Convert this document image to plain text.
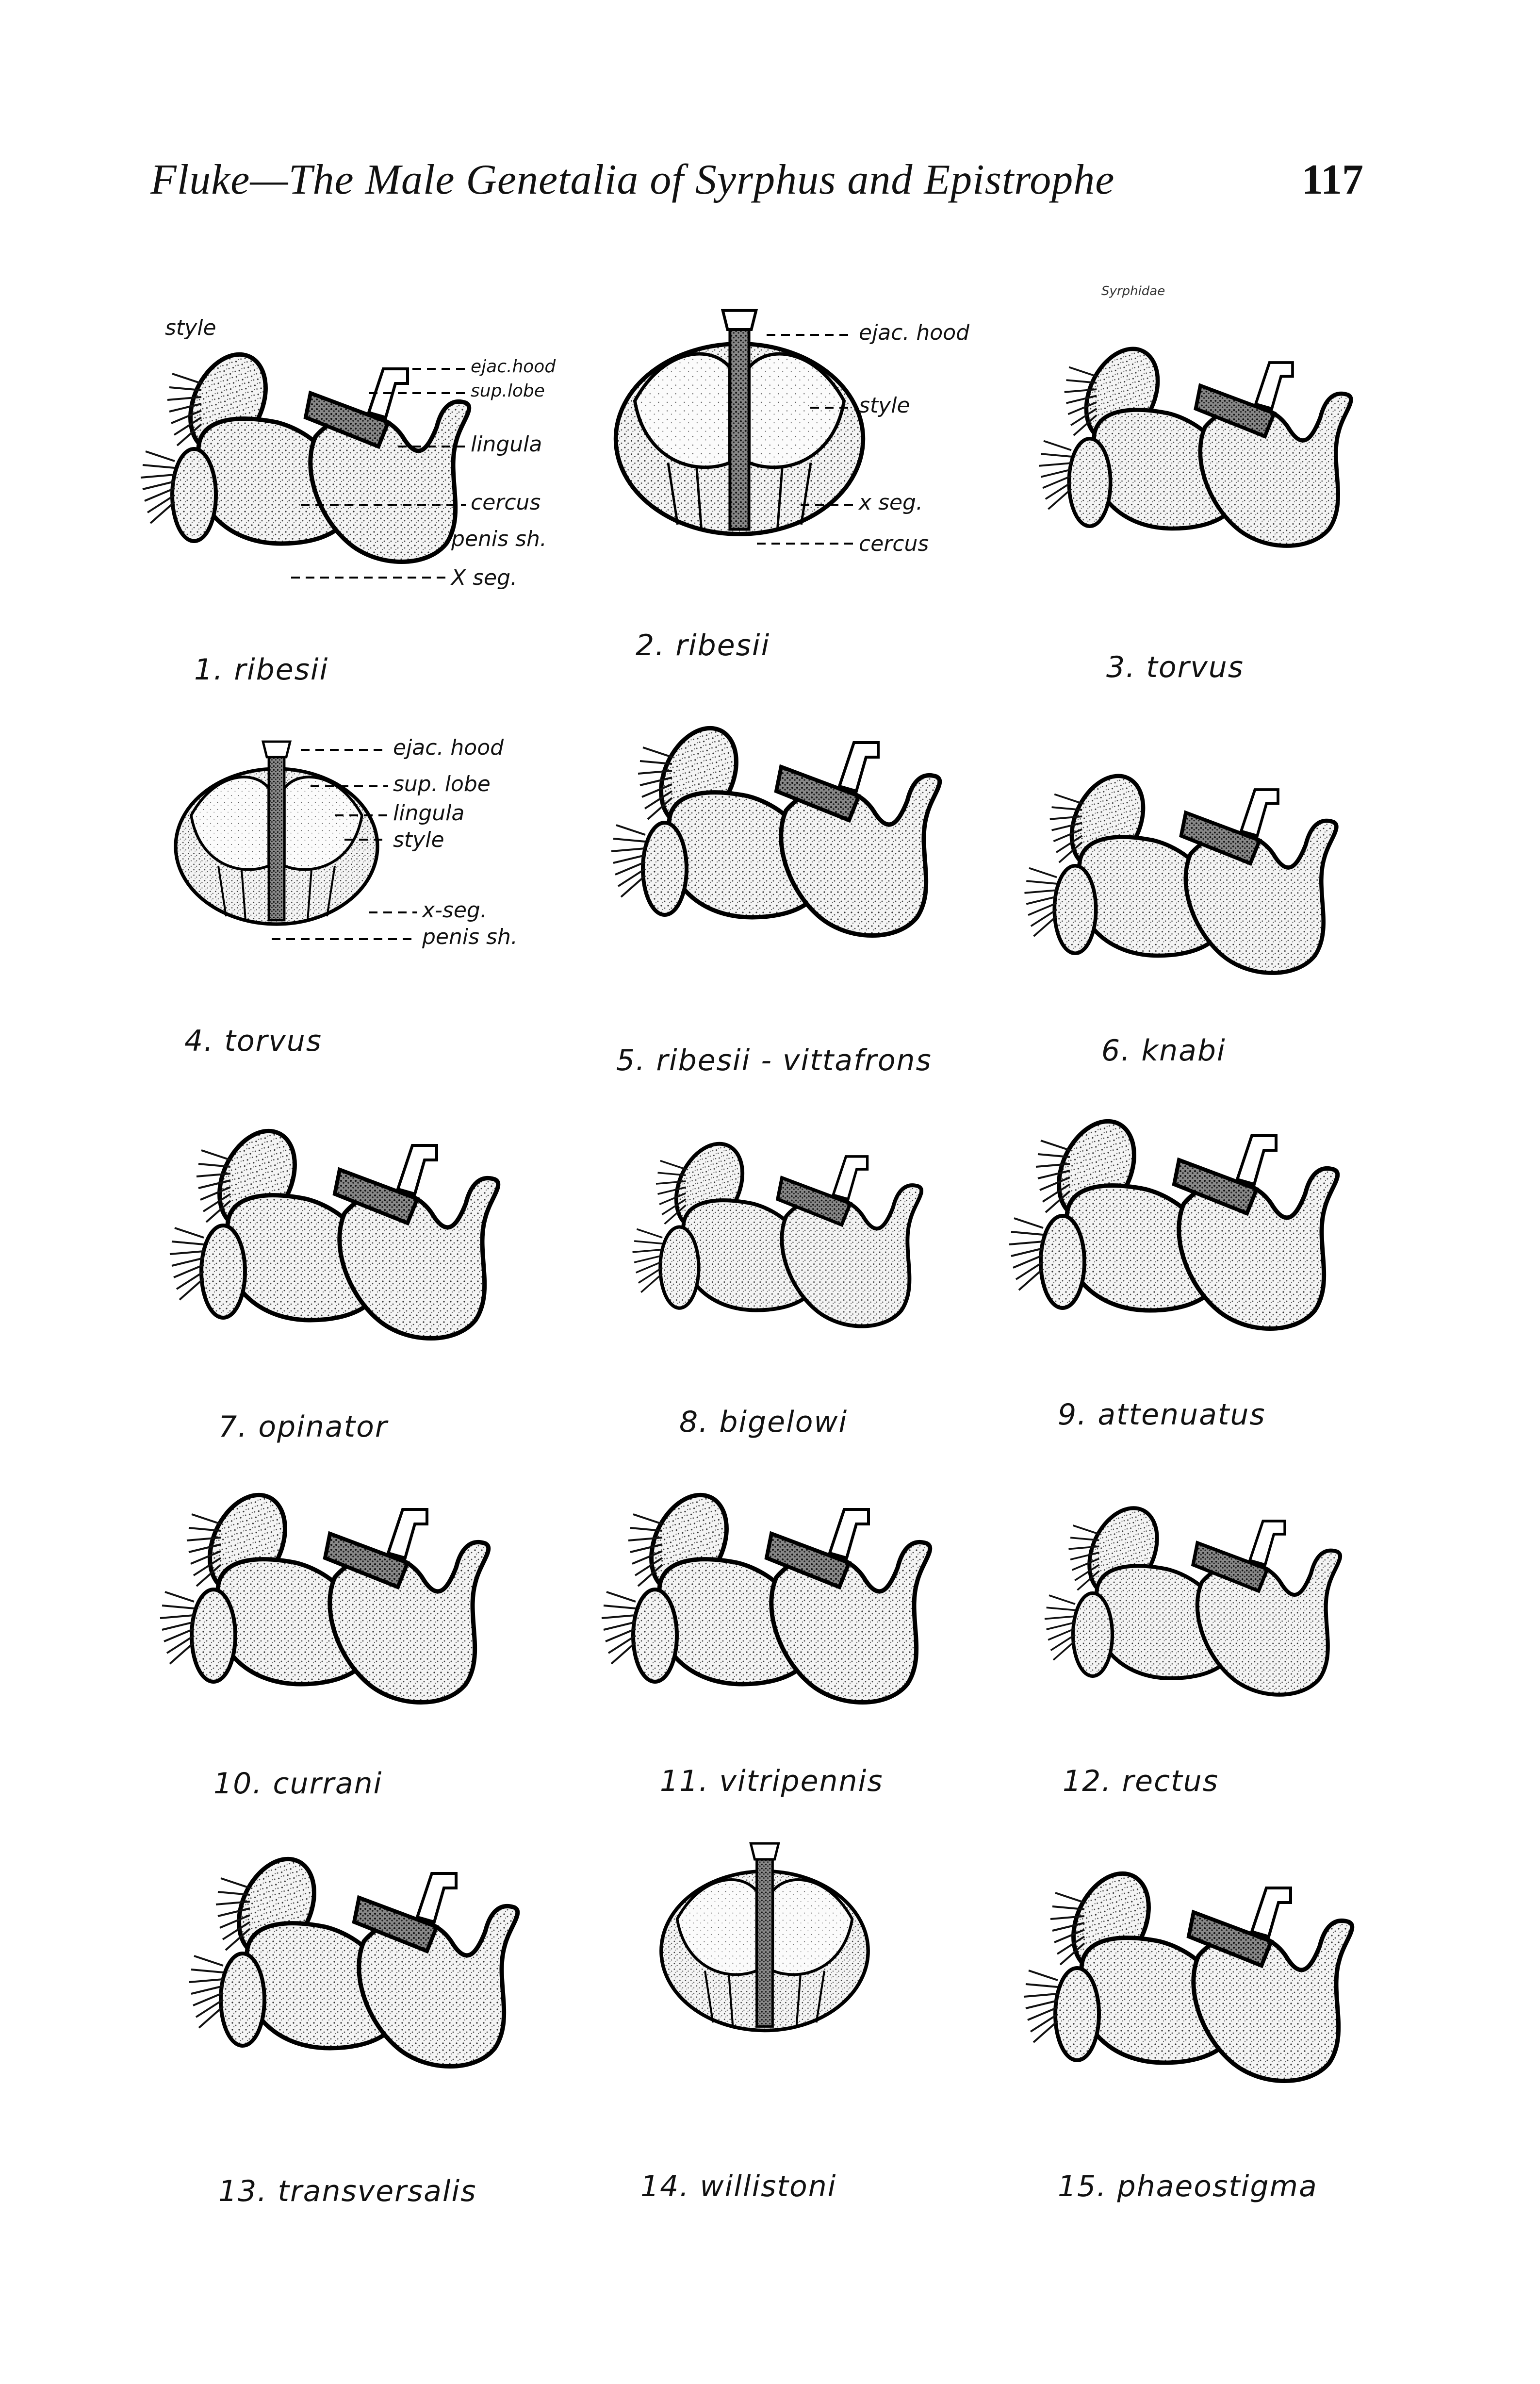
Fluke—The Male Genetalia of Syrphus and Epistrophe	117
Syrphidae
style
ejac.hood
sup.lobe
lingula
cercus
penis sh.
X seg.
ejac. hood
style
x seg.
cercus
ejac. hood
sup. lobe
lingula
style
x-seg.
penis sh.
1. ribesii
2. ribesii
3. torvus
4. torvus
5. ribesii - vittafrons	6. knabi
7. opinator	8. bigelowi	9. attenuatus
10. currani	11. vitripennis	12. rectus
13. transversalis	14. willistoni	15. phaeostigma
